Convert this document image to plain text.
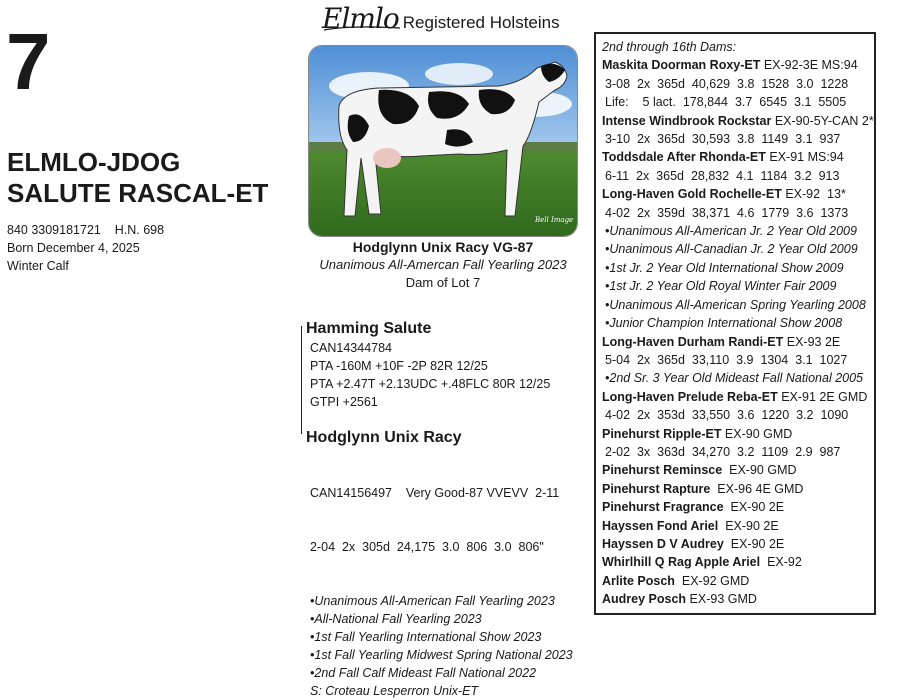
7
ELMLO-JDOG
SALUTE RASCAL-ET
840 3309181721    H.N. 698
Born December 4, 2025
Winter Calf
Elmlo Registered Holsteins
Bell Image
Hodglynn Unix Racy VG-87
Unanimous All-Amercan Fall Yearling 2023
Dam of Lot 7
Hamming Salute
CAN14344784
PTA -160M +10F -2P 82R 12/25
PTA +2.47T +2.13UDC +.48FLC 80R 12/25
GTPI +2561
Hodglynn Unix Racy

CAN14156497    Very Good-87 VVEVV  2-11

2-04  2x  305d  24,175  3.0  806  3.0  806"

•Unanimous All-American Fall Yearling 2023
•All-National Fall Yearling 2023
•1st Fall Yearling International Show 2023
•1st Fall Yearling Midwest Spring National 2023
•2nd Fall Calf Mideast Fall National 2022
S: Croteau Lesperron Unix-ET
2nd through 16th Dams:
Maskita Doorman Roxy-ET EX-92-3E MS:94
3-08  2x  365d  40,629  3.8  1528  3.0  1228
Life:    5 lact.  178,844  3.7  6545  3.1  5505
Intense Windbrook Rockstar EX-90-5Y-CAN 2*
3-10  2x  365d  30,593  3.8  1149  3.1  937
Toddsdale After Rhonda-ET EX-91 MS:94
6-11  2x  365d  28,832  4.1  1184  3.2  913
Long-Haven Gold Rochelle-ET EX-92  13*
4-02  2x  359d  38,371  4.6  1779  3.6  1373
•Unanimous All-American Jr. 2 Year Old 2009
•Unanimous All-Canadian Jr. 2 Year Old 2009
•1st Jr. 2 Year Old International Show 2009
•1st Jr. 2 Year Old Royal Winter Fair 2009
•Unanimous All-American Spring Yearling 2008
•Junior Champion International Show 2008
Long-Haven Durham Randi-ET EX-93 2E
5-04  2x  365d  33,110  3.9  1304  3.1  1027
•2nd Sr. 3 Year Old Mideast Fall National 2005
Long-Haven Prelude Reba-ET EX-91 2E GMD
4-02  2x  353d  33,550  3.6  1220  3.2  1090
Pinehurst Ripple-ET EX-90 GMD
2-02  3x  363d  34,270  3.2  1109  2.9  987
Pinehurst Reminsce  EX-90 GMD
Pinehurst Rapture  EX-96 4E GMD
Pinehurst Fragrance  EX-90 2E
Hayssen Fond Ariel  EX-90 2E
Hayssen D V Audrey  EX-90 2E
Whirlhill Q Rag Apple Ariel  EX-92
Arlite Posch  EX-92 GMD
Audrey Posch EX-93 GMD
